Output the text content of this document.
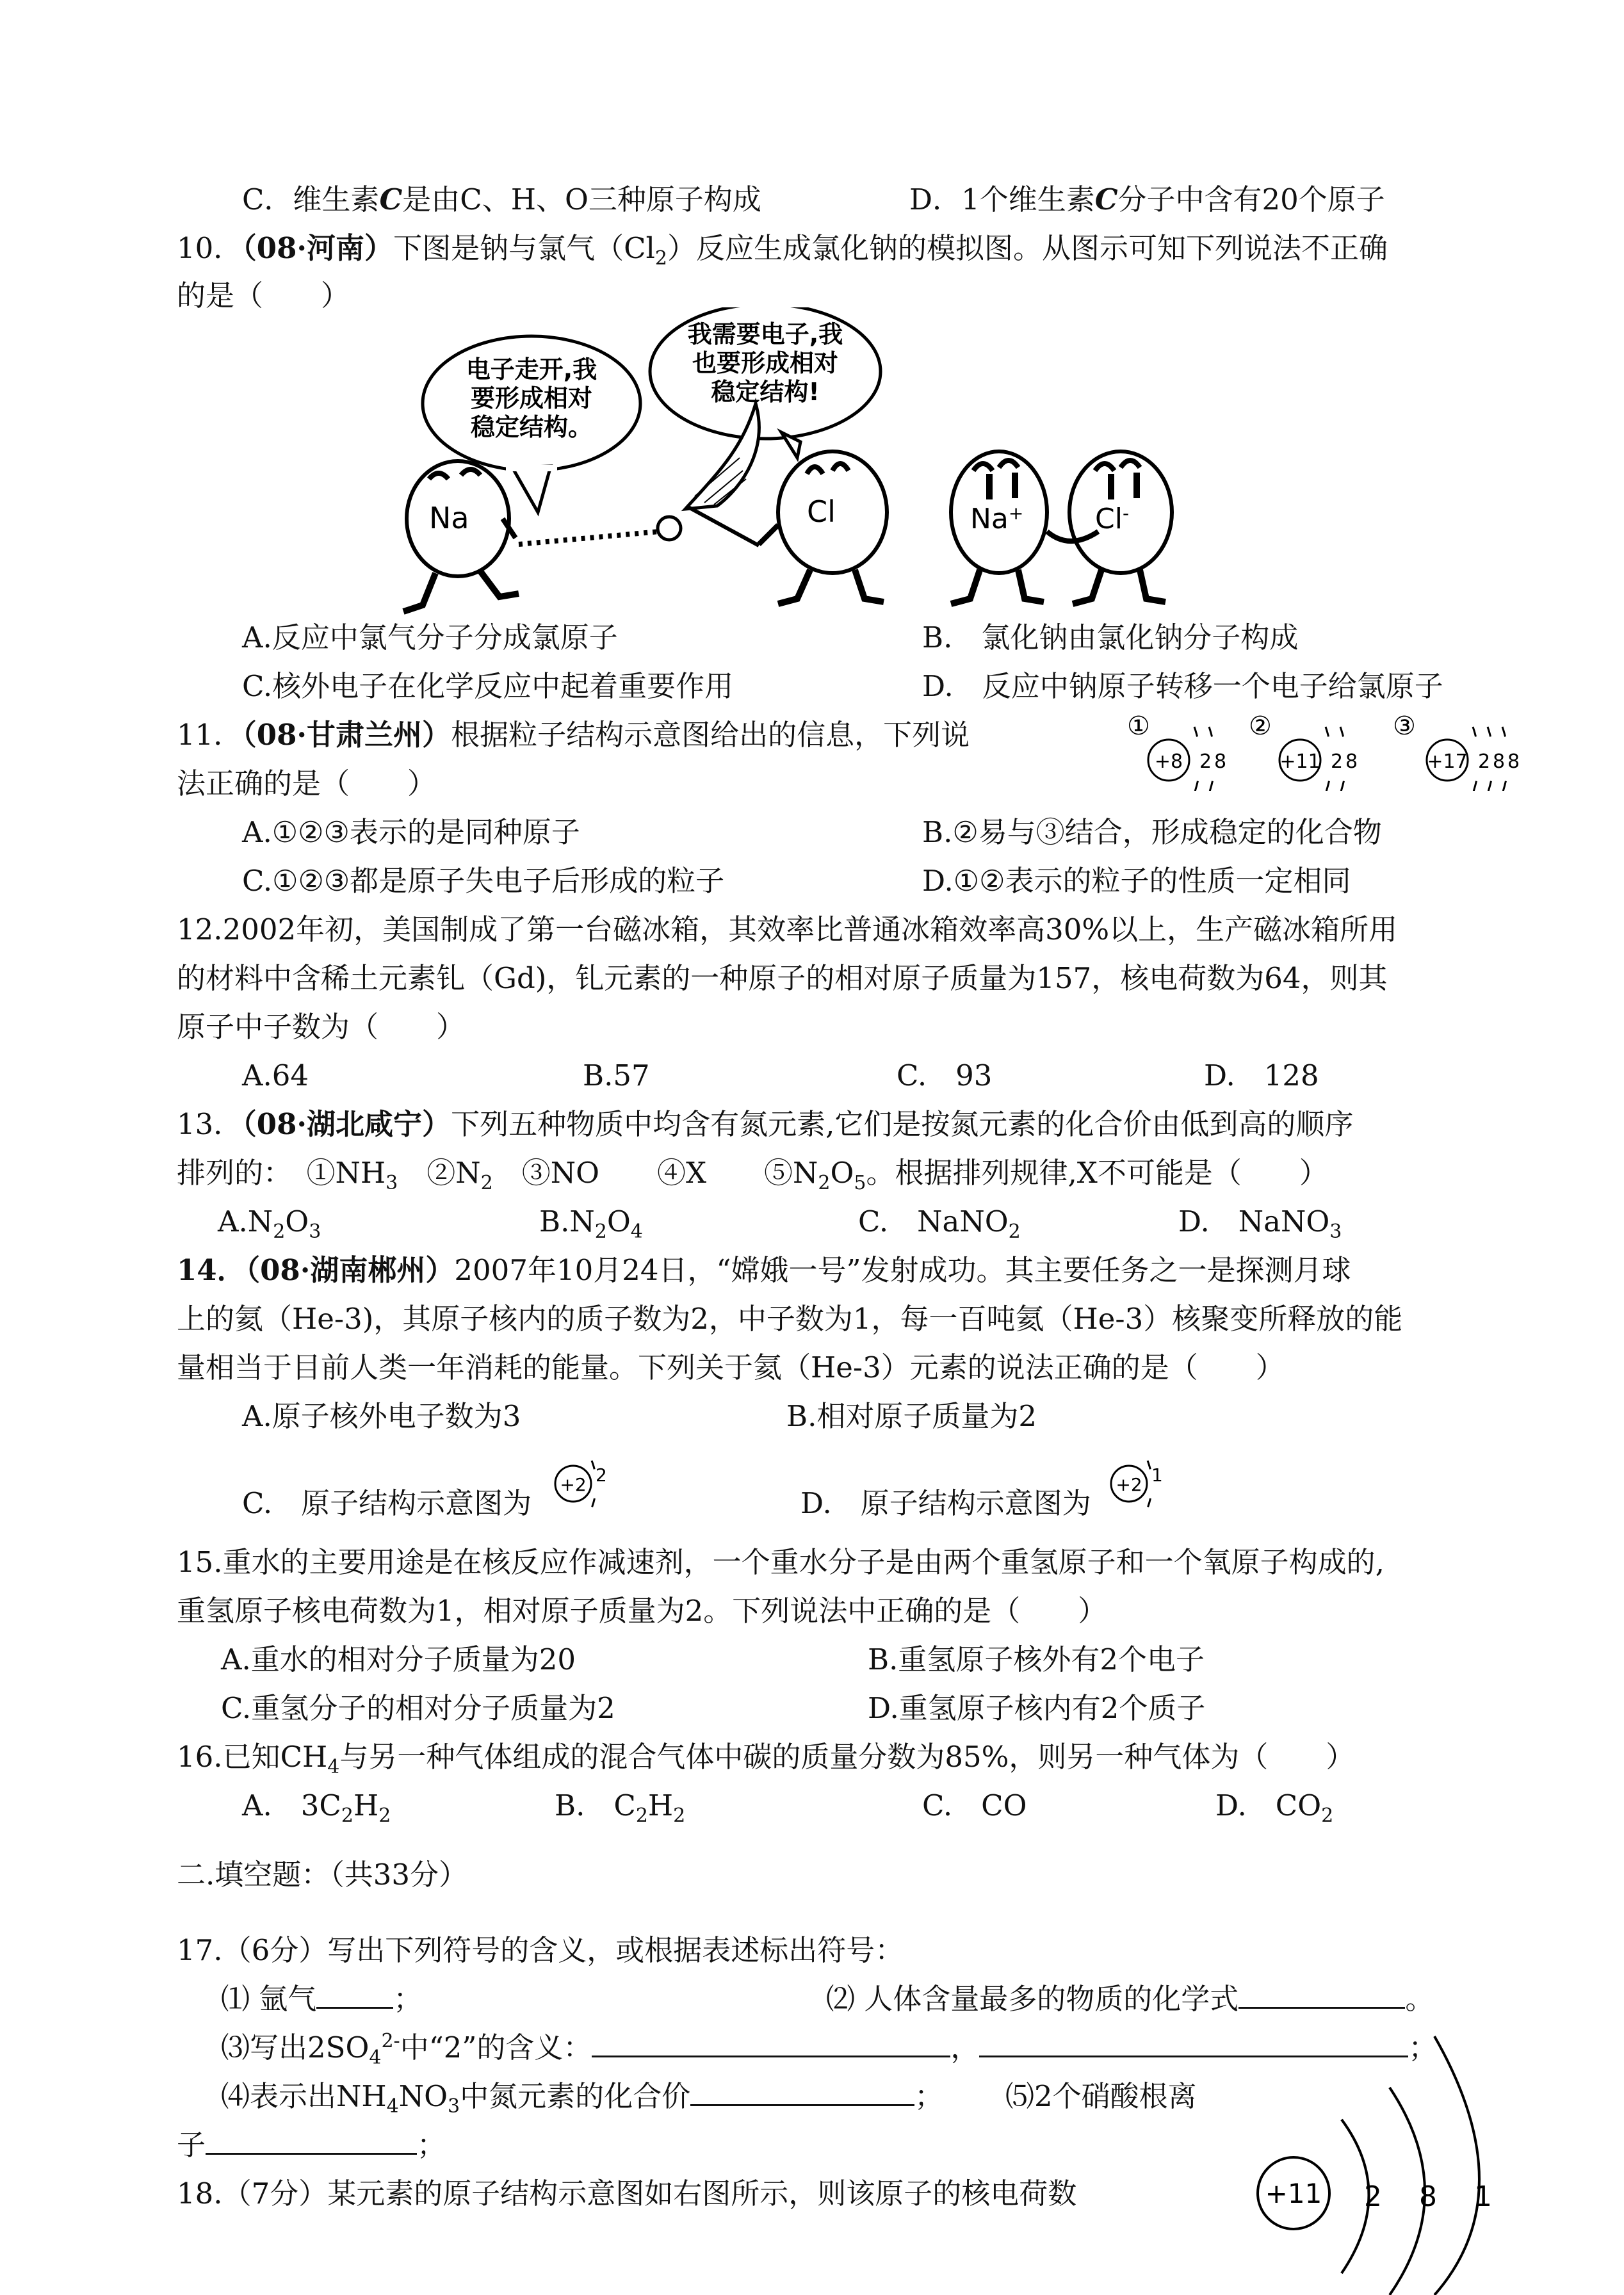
C．维生素C是由C、H、O三种原子构成	D．1个维生素C分子中含有20个原子
10．（08·河南）下图是钠与氯气$(Cl_2)$反应生成氯化钠的模拟图。从图示可知下列说法不正确
的是（　　）
电子走开,我
要形成相对
稳定结构。
我需要电子,我
也要形成相对
稳定结构!
Na	Cl	Na+	Cl-
A.反应中氯气分子分成氯原子	B.　氯化钠由氯化钠分子构成
C.核外电子在化学反应中起着重要作用	D.　反应中钠原子转移一个电子给氯原子
11．（08·甘肃兰州）根据粒子结构示意图给出的信息，下列说
法正确的是（　　）
①
+8 2 8
②
+11 2 8
③
+17 2 8 8
A.①②③表示的是同种原子	B.②易与③结合，形成稳定的化合物
C.①②③都是原子失电子后形成的粒子	D.①②表示的粒子的性质一定相同
12.2002年初，美国制成了第一台磁冰箱，其效率比普通冰箱效率高30%以上，生产磁冰箱所用
的材料中含稀土元素钆（Gd)，钆元素的一种原子的相对原子质量为157，核电荷数为64，则其
原子中子数为（　　）
A.64	B.57	C.　93	D.　128
13．（08·湖北咸宁）下列五种物质中均含有氮元素,它们是按氮元素的化合价由低到高的顺序
排列的：　$①NH_3$　$②N_2$　③NO　　④X　　$⑤N_2O_5$。根据排列规律,X不可能是（　　）
$A.N_2O_3$	$B.N_2O_4$	C.　NaNO$_2$	D.　NaNO$_3$
14．（08·湖南郴州）2007年10月24日，“嫦娥一号”发射成功。其主要任务之一是探测月球
上的氦（He-3)，其原子核内的质子数为2，中子数为1，每一百吨氦（He-3）核聚变所释放的能
量相当于目前人类一年消耗的能量。下列关于氦（He-3）元素的说法正确的是（　　）
A.原子核外电子数为3	B.相对原子质量为2
C.　原子结构示意图为
+2 2
D.　原子结构示意图为
+2 1
15.重水的主要用途是在核反应作减速剂，一个重水分子是由两个重氢原子和一个氧原子构成的,
重氢原子核电荷数为1，相对原子质量为2。下列说法中正确的是（　　）
A.重水的相对分子质量为20	B.重氢原子核外有2个电子
C.重氢分子的相对分子质量为2	D.重氢原子核内有2个质子
16.已知$CH_4$与另一种气体组成的混合气体中碳的质量分数为85%，则另一种气体为（　　）
A.　$3C_2H_2$	B.　$C_2H_2$	C.　CO	D.　$CO_2$
二.填空题：（共33分）
17.（6分）写出下列符号的含义，或根据表述标出符号：
⑴ 氩气	；	⑵ 人体含量最多的物质的化学式	。
⑶写出$2SO_4^{2-}$中“2”的含义：	，	；
⑷表示出$NH_4NO_3$中氮元素的化合价	； ⑸2个硝酸根离
子	；
18.（7分）某元素的原子结构示意图如右图所示，则该原子的核电荷数	+11 2 8 1
